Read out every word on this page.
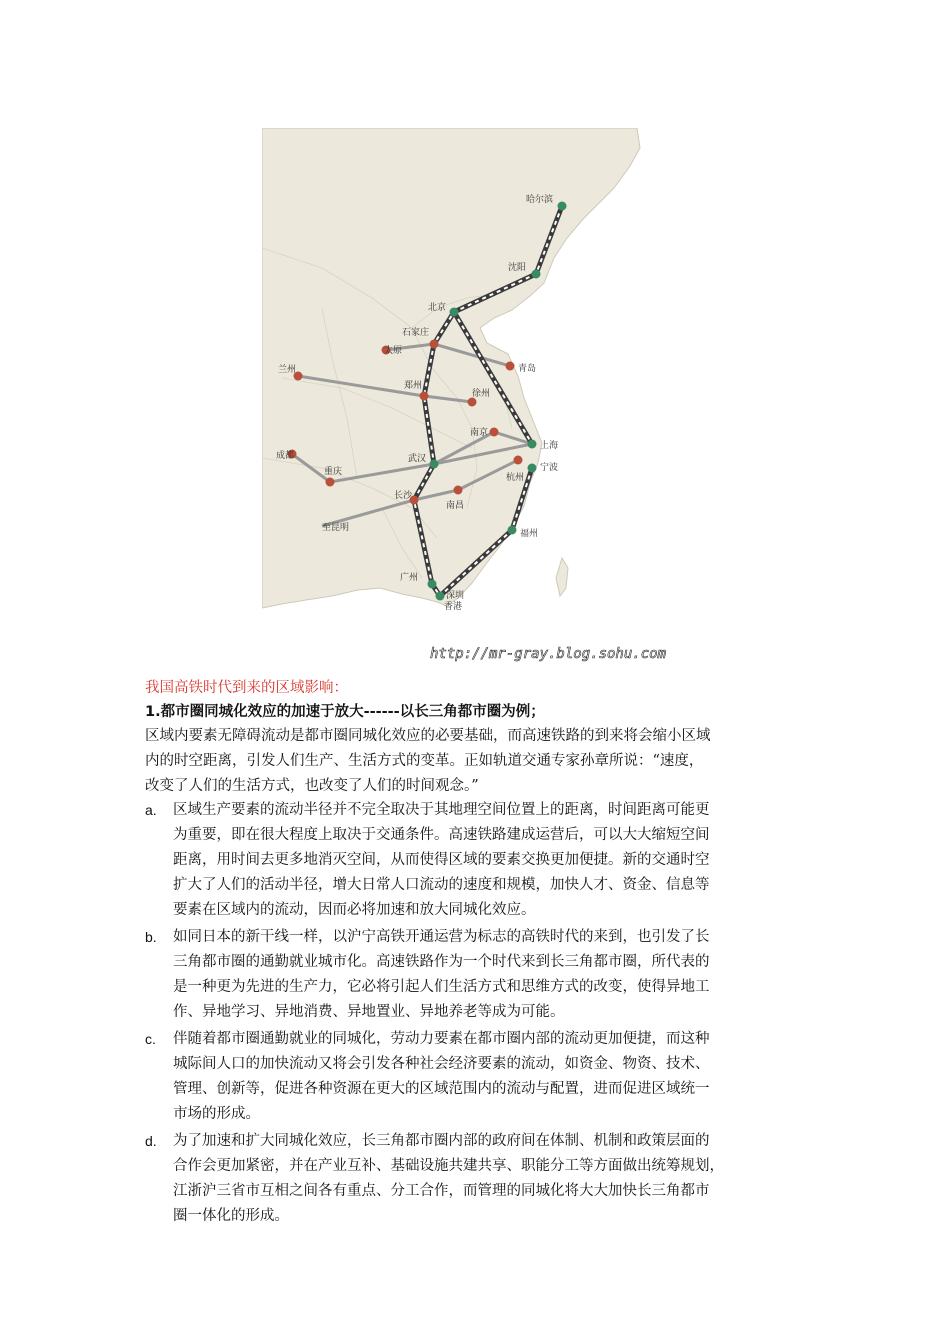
哈尔滨
沈阳
北京
石家庄
太原
青岛
兰州
郑州
徐州
南京
上海
成都
重庆
武汉
杭州
宁波
长沙
南昌
至昆明
福州
广州
深圳
香港
http://mr-gray.blog.sohu.com
我国高铁时代到来的区域影响：
1.都市圈同城化效应的加速于放大------以长三角都市圈为例；

区域内要素无障碍流动是都市圈同城化效应的必要基础，而高速铁路的到来将会缩小区域

内的时空距离，引发人们生产、生活方式的变革。正如轨道交通专家孙章所说：“速度，

改变了人们的生活方式，也改变了人们的时间观念。”

a. 区域生产要素的流动半径并不完全取决于其地理空间位置上的距离，时间距离可能更
为重要，即在很大程度上取决于交通条件。高速铁路建成运营后，可以大大缩短空间
距离，用时间去更多地消灭空间，从而使得区域的要素交换更加便捷。新的交通时空
扩大了人们的活动半径，增大日常人口流动的速度和规模，加快人才、资金、信息等
要素在区域内的流动，因而必将加速和放大同城化效应。
b. 如同日本的新干线一样，以沪宁高铁开通运营为标志的高铁时代的来到，也引发了长
三角都市圈的通勤就业城市化。高速铁路作为一个时代来到长三角都市圈，所代表的
是一种更为先进的生产力，它必将引起人们生活方式和思维方式的改变，使得异地工
作、异地学习、异地消费、异地置业、异地养老等成为可能。
c. 伴随着都市圈通勤就业的同城化，劳动力要素在都市圈内部的流动更加便捷，而这种
城际间人口的加快流动又将会引发各种社会经济要素的流动，如资金、物资、技术、
管理、创新等，促进各种资源在更大的区域范围内的流动与配置，进而促进区域统一
市场的形成。
d. 为了加速和扩大同城化效应，长三角都市圈内部的政府间在体制、机制和政策层面的
合作会更加紧密，并在产业互补、基础设施共建共享、职能分工等方面做出统筹规划，
江浙沪三省市互相之间各有重点、分工合作，而管理的同城化将大大加快长三角都市
圈一体化的形成。
